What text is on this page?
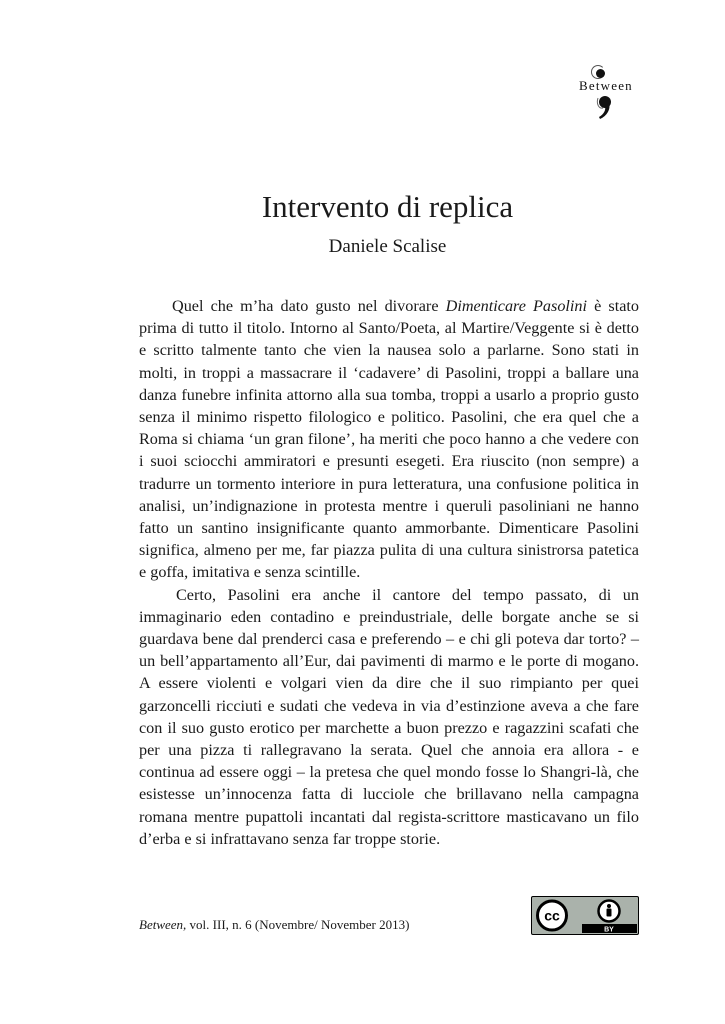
Between
Intervento di replica
Daniele Scalise

Quel che m’ha dato gusto nel divorare Dimenticare Pasolini è stato prima di tutto il titolo. Intorno al Santo/Poeta, al Martire/Veggente si è detto e scritto talmente tanto che vien la nausea solo a parlarne. Sono stati in molti, in troppi a massacrare il ‘cadavere’ di Pasolini, troppi a ballare una danza funebre infinita attorno alla sua tomba, troppi a usarlo a proprio gusto senza il minimo rispetto filologico e politico. Pasolini, che era quel che a Roma si chiama ‘un gran filone’, ha meriti che poco hanno a che vedere con i suoi sciocchi ammiratori e presunti esegeti. Era riuscito (non sempre) a tradurre un tormento interiore in pura letteratura, una confusione politica in analisi, un’indignazione in protesta mentre i queruli pasoliniani ne hanno fatto un santino insignificante quanto ammorbante. Dimenticare Pasolini significa, almeno per me, far piazza pulita di una cultura sinistrorsa patetica e goffa, imitativa e senza scintille.

Certo, Pasolini era anche il cantore del tempo passato, di un immaginario eden contadino e preindustriale, delle borgate anche se si guardava bene dal prenderci casa e preferendo – e chi gli poteva dar torto? – un bell’appartamento all’Eur, dai pavimenti di marmo e le porte di mogano. A essere violenti e volgari vien da dire che il suo rimpianto per quei garzoncelli ricciuti e sudati che vedeva in via d’estinzione aveva a che fare con il suo gusto erotico per marchette a buon prezzo e ragazzini scafati che per una pizza ti rallegravano la serata. Quel che annoia era allora - e continua ad essere oggi – la pretesa che quel mondo fosse lo Shangri-là, che esistesse un’innocenza fatta di lucciole che brillavano nella campagna romana mentre pupattoli incantati dal regista-scrittore masticavano un filo d’erba e si infrattavano senza far troppe storie.

Between, vol. III, n. 6 (Novembre/ November 2013)
cc
BY
